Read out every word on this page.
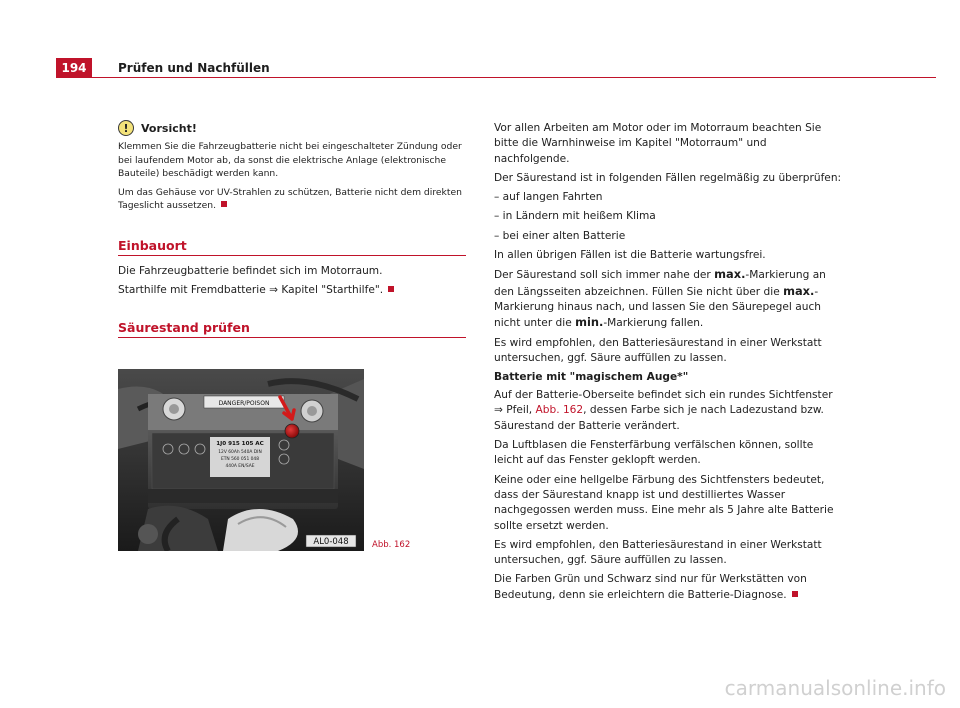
194	Prüfen und Nachfüllen
!	Vorsicht!

Klemmen Sie die Fahrzeugbatterie nicht bei eingeschalteter Zündung oder bei laufendem Motor ab, da sonst die elektrische Anlage (elektronische Bauteile) beschädigt werden kann.

Um das Gehäuse vor UV-Strahlen zu schützen, Batterie nicht dem direkten Tageslicht aussetzen.

Einbauort

Die Fahrzeugbatterie befindet sich im Motorraum.

Starthilfe mit Fremdbatterie ⇒ Kapitel "Starthilfe".

Säurestand prüfen
DANGER/POISON
1J0 915 105 AC
12V 60Ah 540A DIN
ETN 560 051 048
440A EN/SAE
AL0-048	Abb. 162

Vor allen Arbeiten am Motor oder im Motorraum beachten Sie bitte die Warnhinweise im Kapitel "Motorraum" und nachfolgende.

Der Säurestand ist in folgenden Fällen regelmäßig zu überprüfen:

– auf langen Fahrten

– in Ländern mit heißem Klima

– bei einer alten Batterie

In allen übrigen Fällen ist die Batterie wartungsfrei.

Der Säurestand soll sich immer nahe der max.-Markierung an den Längsseiten abzeichnen. Füllen Sie nicht über die max.-Markierung hinaus nach, und lassen Sie den Säurepegel auch nicht unter die min.-Markierung fallen.

Es wird empfohlen, den Batteriesäurestand in einer Werkstatt untersuchen, ggf. Säure auffüllen zu lassen.

Batterie mit "magischem Auge*"

Auf der Batterie-Oberseite befindet sich ein rundes Sichtfenster ⇒ Pfeil, Abb. 162, dessen Farbe sich je nach Ladezustand bzw. Säurestand der Batterie verändert.

Da Luftblasen die Fensterfärbung verfälschen können, sollte leicht auf das Fenster geklopft werden.

Keine oder eine hellgelbe Färbung des Sichtfensters bedeutet, dass der Säurestand knapp ist und destilliertes Wasser nachgegossen werden muss. Eine mehr als 5 Jahre alte Batterie sollte ersetzt werden.

Es wird empfohlen, den Batteriesäurestand in einer Werkstatt untersuchen, ggf. Säure auffüllen zu lassen.

Die Farben Grün und Schwarz sind nur für Werkstätten von Bedeutung, denn sie erleichtern die Batterie-Diagnose.

carmanualsonline.info
